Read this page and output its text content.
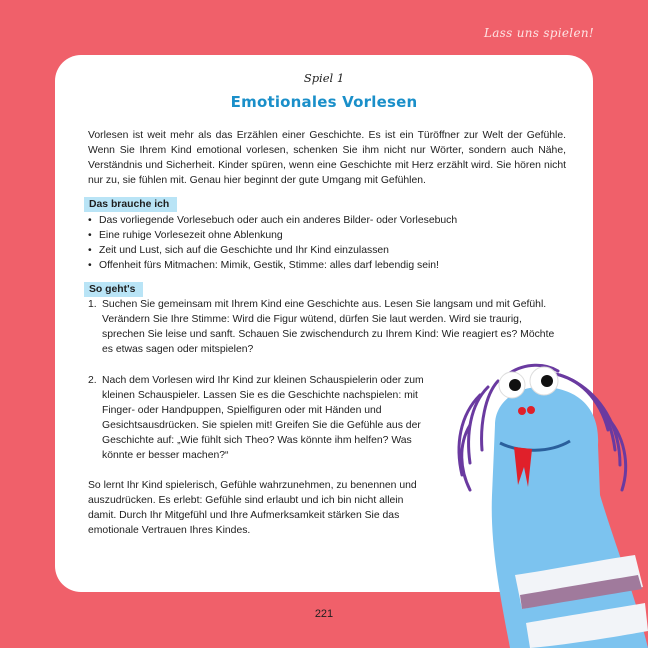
Lass uns spielen!
Spiel 1
Emotionales Vorlesen

Vorlesen ist weit mehr als das Erzählen einer Geschichte. Es ist ein Türöffner zur Welt der Gefühle. Wenn Sie Ihrem Kind emotional vorlesen, schenken Sie ihm nicht nur Wörter, sondern auch Nähe, Verständnis und Sicherheit. Kinder spüren, wenn eine Geschichte mit Herz erzählt wird. Sie hören nicht nur zu, sie fühlen mit. Genau hier beginnt der gute Umgang mit Gefühlen.

Das brauche ich
• Das vorliegende Vorlesebuch oder auch ein anderes Bilder- oder Vorlesebuch
• Eine ruhige Vorlesezeit ohne Ablenkung
• Zeit und Lust, sich auf die Geschichte und Ihr Kind einzulassen
• Offenheit fürs Mitmachen: Mimik, Gestik, Stimme: alles darf lebendig sein!
So geht's
1. Suchen Sie gemeinsam mit Ihrem Kind eine Geschichte aus. Lesen Sie langsam und mit Gefühl. Verändern Sie Ihre Stimme: Wird die Figur wütend, dürfen Sie laut werden. Wird sie traurig, sprechen Sie leise und sanft. Schauen Sie zwischendurch zu Ihrem Kind: Wie reagiert es? Möchte es etwas sagen oder mitspielen?
2. Nach dem Vorlesen wird Ihr Kind zur kleinen Schauspielerin oder zum kleinen Schauspieler. Lassen Sie es die Geschichte nachspielen: mit Finger- oder Handpuppen, Spielfiguren oder mit Händen und Gesichtsausdrücken. Sie spielen mit! Greifen Sie die Gefühle aus der Geschichte auf: „Wie fühlt sich Theo? Was könnte ihm helfen? Was könnte er besser machen?“

So lernt Ihr Kind spielerisch, Gefühle wahrzunehmen, zu benennen und auszudrücken. Es erlebt: Gefühle sind erlaubt und ich bin nicht allein damit. Durch Ihr Mitgefühl und Ihre Aufmerksamkeit stärken Sie das emotionale Vertrauen Ihres Kindes.

221
